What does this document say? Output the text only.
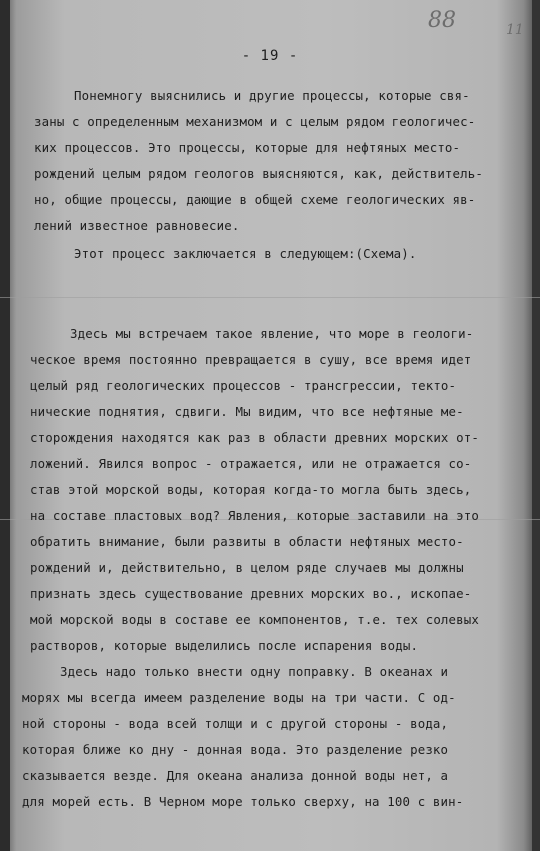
88	11
- 19 -
Понемногу выяснились и другие процессы, которые свя-
заны с определенным механизмом и с целым рядом геологичес-
ких процессов. Это процессы, которые для нефтяных место-
рождений целым рядом геологов выясняются, как, действитель-
но, общие процессы, дающие в общей схеме геологических яв-
лений известное равновесие.
Этот процесс заключается в следующем:(Схема).
Здесь мы встречаем такое явление, что море в геологи-
ческое время постоянно превращается в сушу, все время идет
целый ряд геологических процессов - трансгрессии, текто-
нические поднятия, сдвиги. Мы видим, что все нефтяные ме-
сторождения находятся как раз в области древних морских от-
ложений. Явился вопрос - отражается, или не отражается со-
став этой морской воды, которая когда-то могла быть здесь,
на составе пластовых вод? Явления, которые заставили на это
обратить внимание, были развиты в области нефтяных место-
рождений и, действительно, в целом ряде случаев мы должны
признать здесь существование древних морских во., ископае-
мой морской воды в составе ее компонентов, т.е. тех солевых
растворов, которые выделились после испарения воды.
Здесь надо только внести одну поправку. В океанах и
морях мы всегда имеем разделение воды на три части. С од-
ной стороны - вода всей толщи и с другой стороны - вода,
которая ближе ко дну - донная вода. Это разделение резко
сказывается везде. Для океана анализа донной воды нет, а
для морей есть. В Черном море только сверху, на 100 с вин-
